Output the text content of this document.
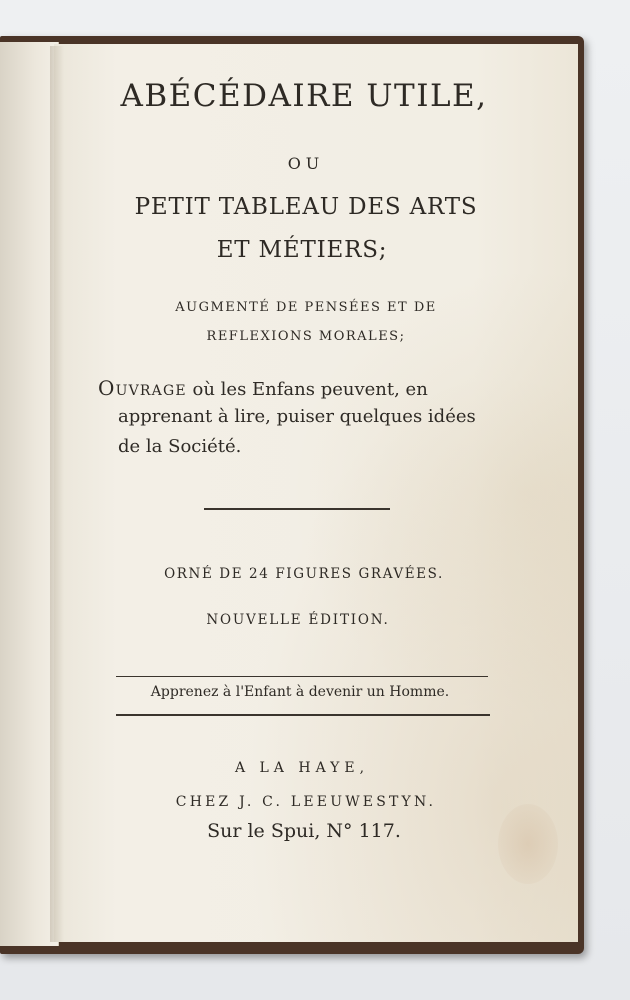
ABÉCÉDAIRE UTILE,
OU
PETIT TABLEAU DES ARTS
ET MÉTIERS;
AUGMENTÉ DE PENSÉES ET DE
REFLEXIONS MORALES;
OUVRAGE où les Enfans peuvent, en
apprenant à lire, puiser quelques idées
de la Société.
ORNÉ DE 24 FIGURES GRAVÉES.
NOUVELLE ÉDITION.
Apprenez à l'Enfant à devenir un Homme.
A LA HAYE,
CHEZ J. C. LEEUWESTYN.
Sur le Spui, N° 117.
